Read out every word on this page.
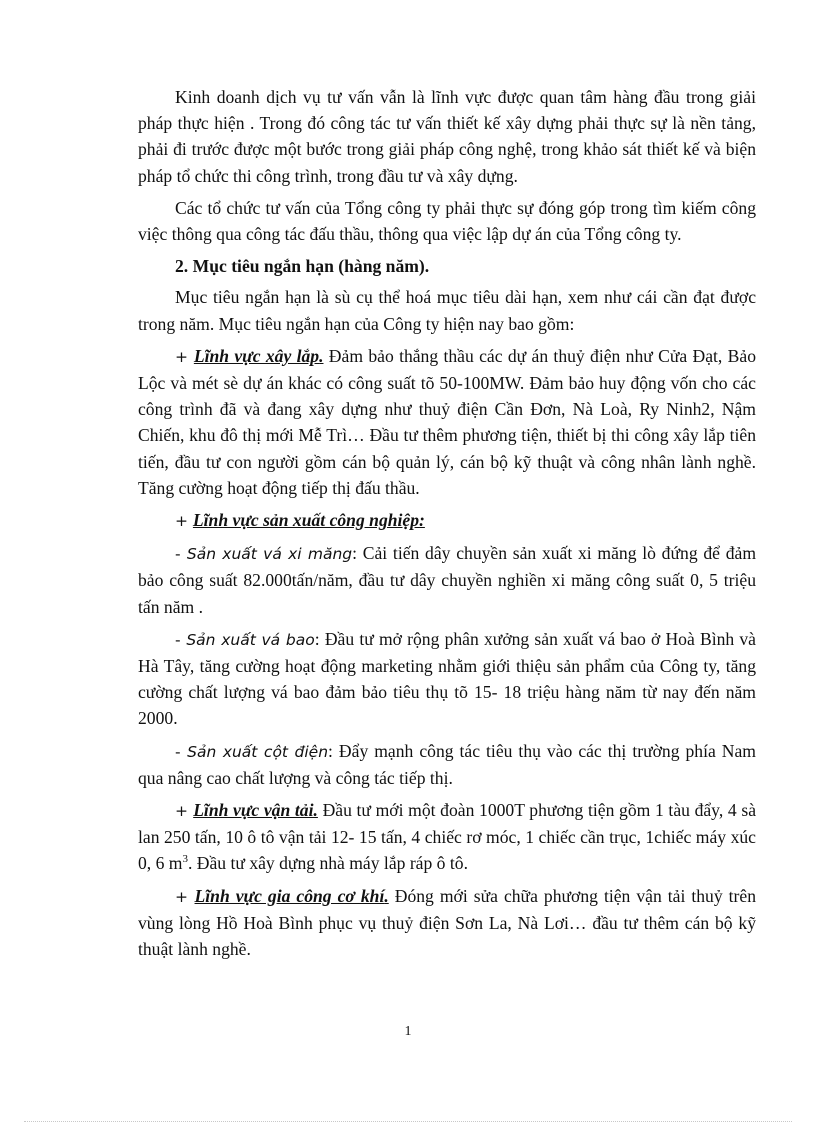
Kinh doanh dịch vụ tư vấn vẫn là lĩnh vực được quan tâm hàng đầu trong giải pháp thực hiện . Trong đó công tác tư vấn thiết kế xây dựng phải thực sự là nền tảng, phải đi trước được một bước trong giải pháp công nghệ, trong khảo sát thiết kế và biện pháp tổ chức thi công trình, trong đầu tư và xây dựng.

Các tổ chức tư vấn của Tổng công ty phải thực sự đóng góp trong tìm kiếm công việc thông qua công tác đấu thầu, thông qua việc lập dự án của Tổng công ty.

2. Mục tiêu ngắn hạn (hàng năm).

Mục tiêu ngắn hạn là sù cụ thể hoá mục tiêu dài hạn, xem như cái cần đạt được trong năm. Mục tiêu ngắn hạn của Công ty hiện nay bao gồm:

+ Lĩnh vực xây lắp. Đảm bảo thắng thầu các dự án thuỷ điện như Cửa Đạt, Bảo Lộc và mét sè dự án khác có công suất tõ 50-100MW. Đảm bảo huy động vốn cho các công trình đã và đang xây dựng như thuỷ điện Cần Đơn, Nà Loà, Ry Ninh2, Nậm Chiến, khu đô thị mới Mễ Trì… Đầu tư thêm phương tiện, thiết bị thi công xây lắp tiên tiến, đầu tư con người gồm cán bộ quản lý, cán bộ kỹ thuật và công nhân lành nghề. Tăng cường hoạt động tiếp thị đấu thầu.

+ Lĩnh vực sản xuất công nghiệp:

- Sản xuất vá xi măng: Cải tiến dây chuyền sản xuất xi măng lò đứng để đảm bảo công suất 82.000tấn/năm, đầu tư dây chuyền nghiền xi măng công suất 0, 5 triệu tấn năm .

- Sản xuất vá bao: Đầu tư mở rộng phân xưởng sản xuất vá bao ở Hoà Bình và Hà Tây, tăng cường hoạt động marketing nhằm giới thiệu sản phẩm của Công ty, tăng cường chất lượng vá bao đảm bảo tiêu thụ tõ 15- 18 triệu hàng năm từ nay đến năm 2000.

- Sản xuất cột điện: Đẩy mạnh công tác tiêu thụ vào các thị trường phía Nam qua nâng cao chất lượng và công tác tiếp thị.

+ Lĩnh vực vận tải. Đầu tư mới một đoàn 1000T phương tiện gồm 1 tàu đẩy, 4 sà lan 250 tấn, 10 ô tô vận tải 12- 15 tấn, 4 chiếc rơ móc, 1 chiếc cần trục, 1chiếc máy xúc 0, 6 $m^3$. Đầu tư xây dựng nhà máy lắp ráp ô tô.

+ Lĩnh vực gia công cơ khí. Đóng mới sửa chữa phương tiện vận tải thuỷ trên vùng lòng Hồ Hoà Bình phục vụ thuỷ điện Sơn La, Nà Lơi… đầu tư thêm cán bộ kỹ thuật lành nghề.

1
